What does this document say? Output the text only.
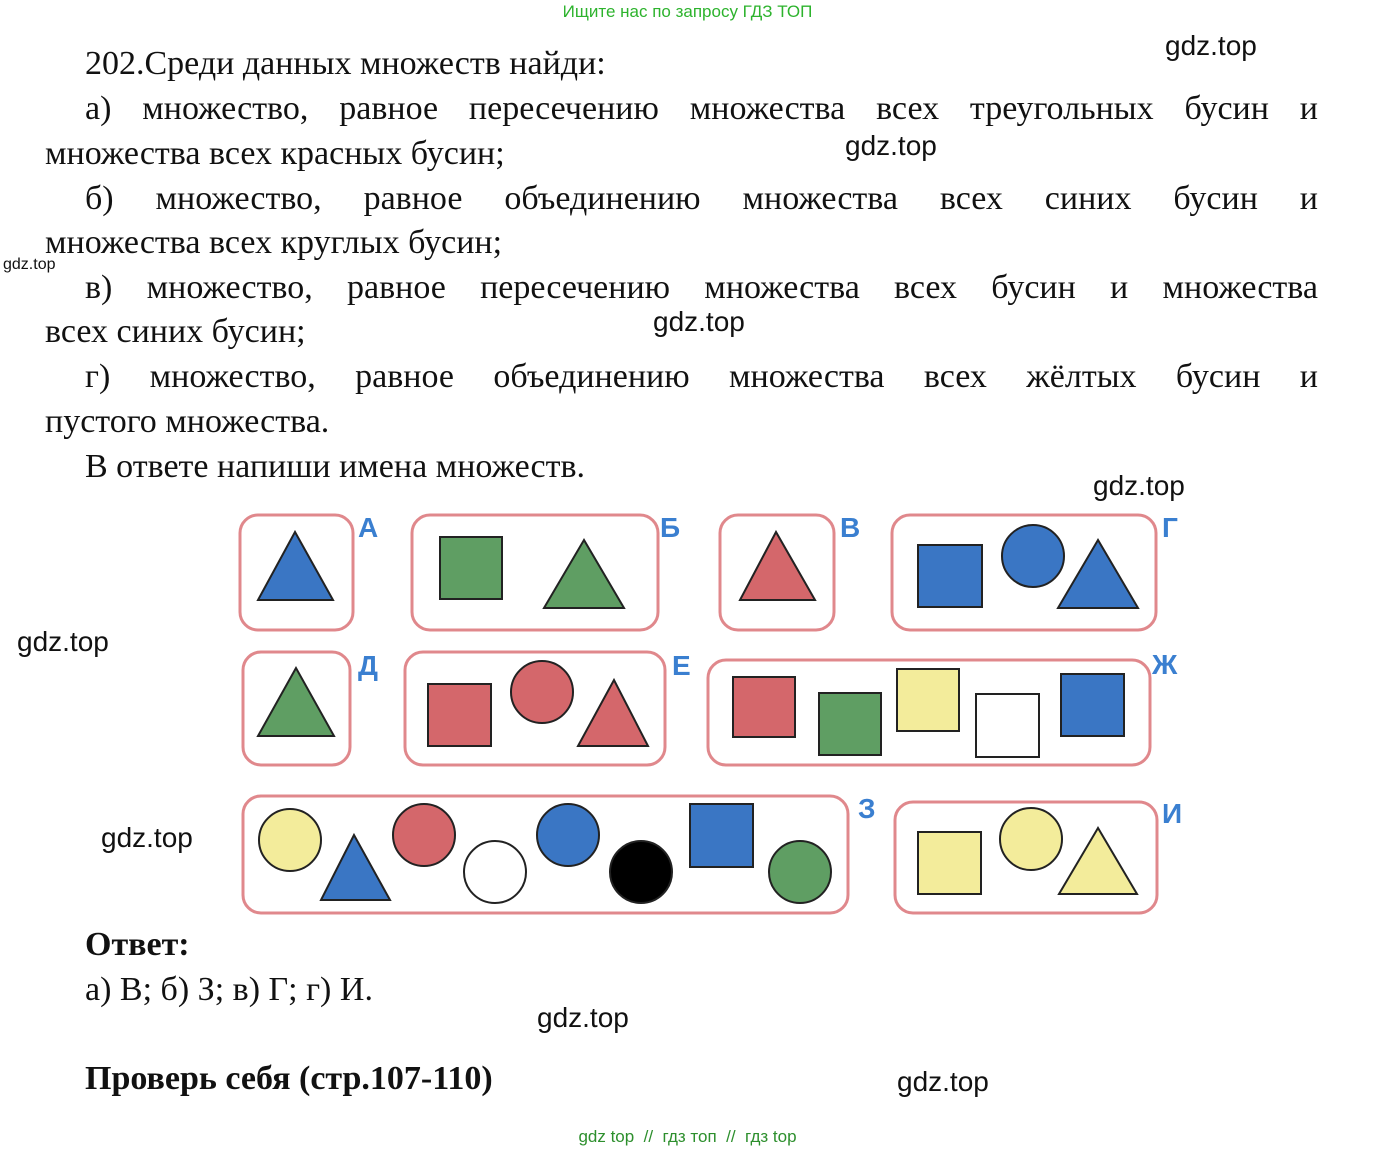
Ищите нас по запросу ГДЗ ТОП
gdz.top
gdz.top
gdz.top
gdz.top
gdz.top
gdz.top
gdz.top
gdz.top
gdz.top
202.Среди данных множеств найди:
а) множество, равное пересечению множества всех треугольных бусин и
множества всех красных бусин;
б) множество, равное объединению множества всех синих бусин и
множества всех круглых бусин;
в) множество, равное пересечению множества всех бусин и множества
всех синих бусин;
г) множество, равное объединению множества всех жёлтых бусин и
пустого множества.
В ответе напиши имена множеств.
А	Б	В	Г
Д	Е	Ж
З	И
Ответ:
а) В; б) З; в) Г; г) И.
Проверь себя (стр.107-110)
gdz top  //  гдз топ  //  гдз top
